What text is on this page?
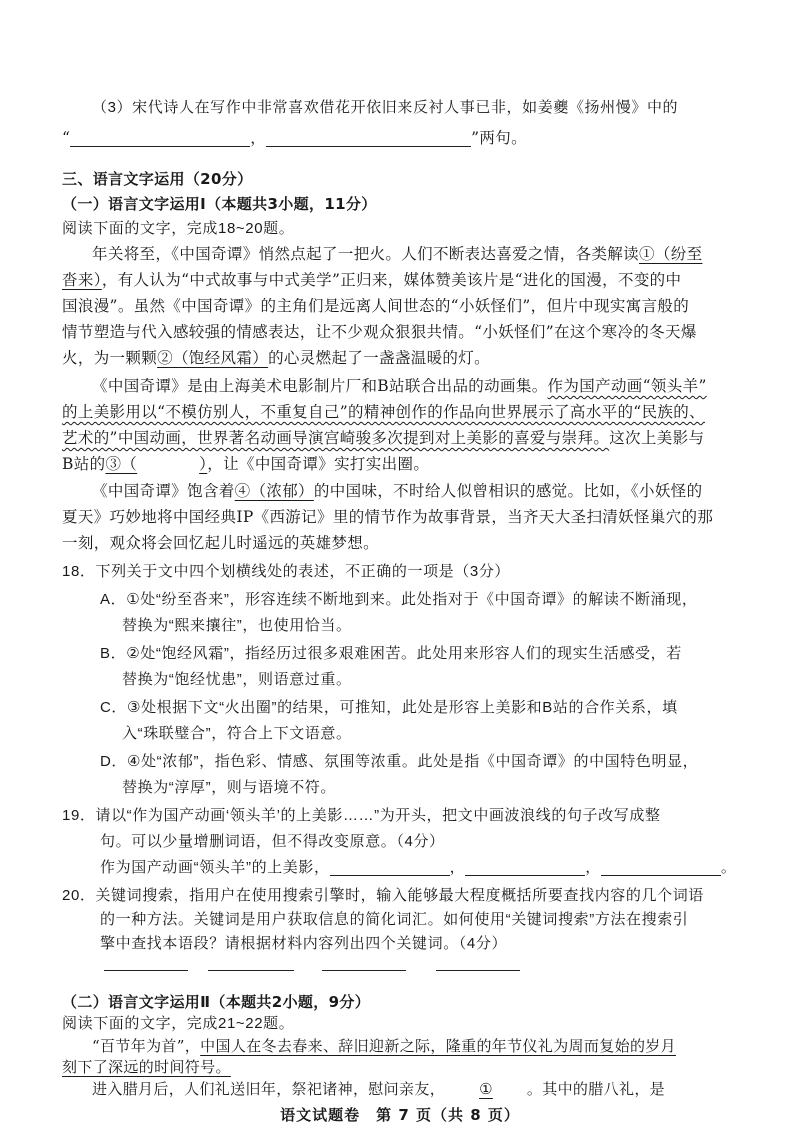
（3）宋代诗人在写作中非常喜欢借花开依旧来反衬人事已非，如姜夔《扬州慢》中的
“	，	”两句。
三、语言文字运用（20分）
（一）语言文字运用Ⅰ（本题共3小题，11分）
阅读下面的文字，完成18~20题。
年关将至，《中国奇谭》悄然点起了一把火。人们不断表达喜爱之情，各类解读①（纷至
沓来），有人认为“中式故事与中式美学”正归来，媒体赞美该片是“进化的国漫，不变的中
国浪漫”。虽然《中国奇谭》的主角们是远离人间世态的“小妖怪们”，但片中现实寓言般的
情节塑造与代入感较强的情感表达，让不少观众狠狠共情。“小妖怪们”在这个寒冷的冬天爆
火，为一颗颗②（饱经风霜）的心灵燃起了一盏盏温暖的灯。
《中国奇谭》是由上海美术电影制片厂和B站联合出品的动画集。作为国产动画“领头羊”
的上美影用以“不模仿别人，不重复自己”的精神创作的作品向世界展示了高水平的“民族的、
艺术的”中国动画，世界著名动画导演宫崎骏多次提到对上美影的喜爱与崇拜。这次上美影与
B站的③（	），让《中国奇谭》实打实出圈。
《中国奇谭》饱含着④（浓郁）的中国味，不时给人似曾相识的感觉。比如，《小妖怪的
夏天》巧妙地将中国经典IP《西游记》里的情节作为故事背景，当齐天大圣扫清妖怪巢穴的那
一刻，观众将会回忆起儿时遥远的英雄梦想。
18．下列关于文中四个划横线处的表述，不正确的一项是（3分）
A．①处“纷至沓来”，形容连续不断地到来。此处指对于《中国奇谭》的解读不断涌现，
替换为“熙来攘往”，也使用恰当。
B．②处“饱经风霜”，指经历过很多艰难困苦。此处用来形容人们的现实生活感受，若
替换为“饱经忧患”，则语意过重。
C．③处根据下文“火出圈”的结果，可推知，此处是形容上美影和B站的合作关系，填
入“珠联璧合”，符合上下文语意。
D．④处“浓郁”，指色彩、情感、氛围等浓重。此处是指《中国奇谭》的中国特色明显，
替换为“淳厚”，则与语境不符。
19．请以“作为国产动画‘领头羊’的上美影……”为开头，把文中画波浪线的句子改写成整
句。可以少量增删词语，但不得改变原意。（4分）
作为国产动画“领头羊”的上美影，	，	，	。
20．关键词搜索，指用户在使用搜索引擎时，输入能够最大程度概括所要查找内容的几个词语
的一种方法。关键词是用户获取信息的简化词汇。如何使用“关键词搜索”方法在搜索引
擎中查找本语段？请根据材料内容列出四个关键词。（4分）
（二）语言文字运用Ⅱ（本题共2小题，9分）
阅读下面的文字，完成21~22题。
“百节年为首”，中国人在冬去春来、辞旧迎新之际，隆重的年节仪礼为周而复始的岁月
刻下了深远的时间符号。
进入腊月后，人们礼送旧年，祭祀诸神，慰问亲友， ① 。其中的腊八礼，是
语文试题卷　第 7 页（共 8 页）
